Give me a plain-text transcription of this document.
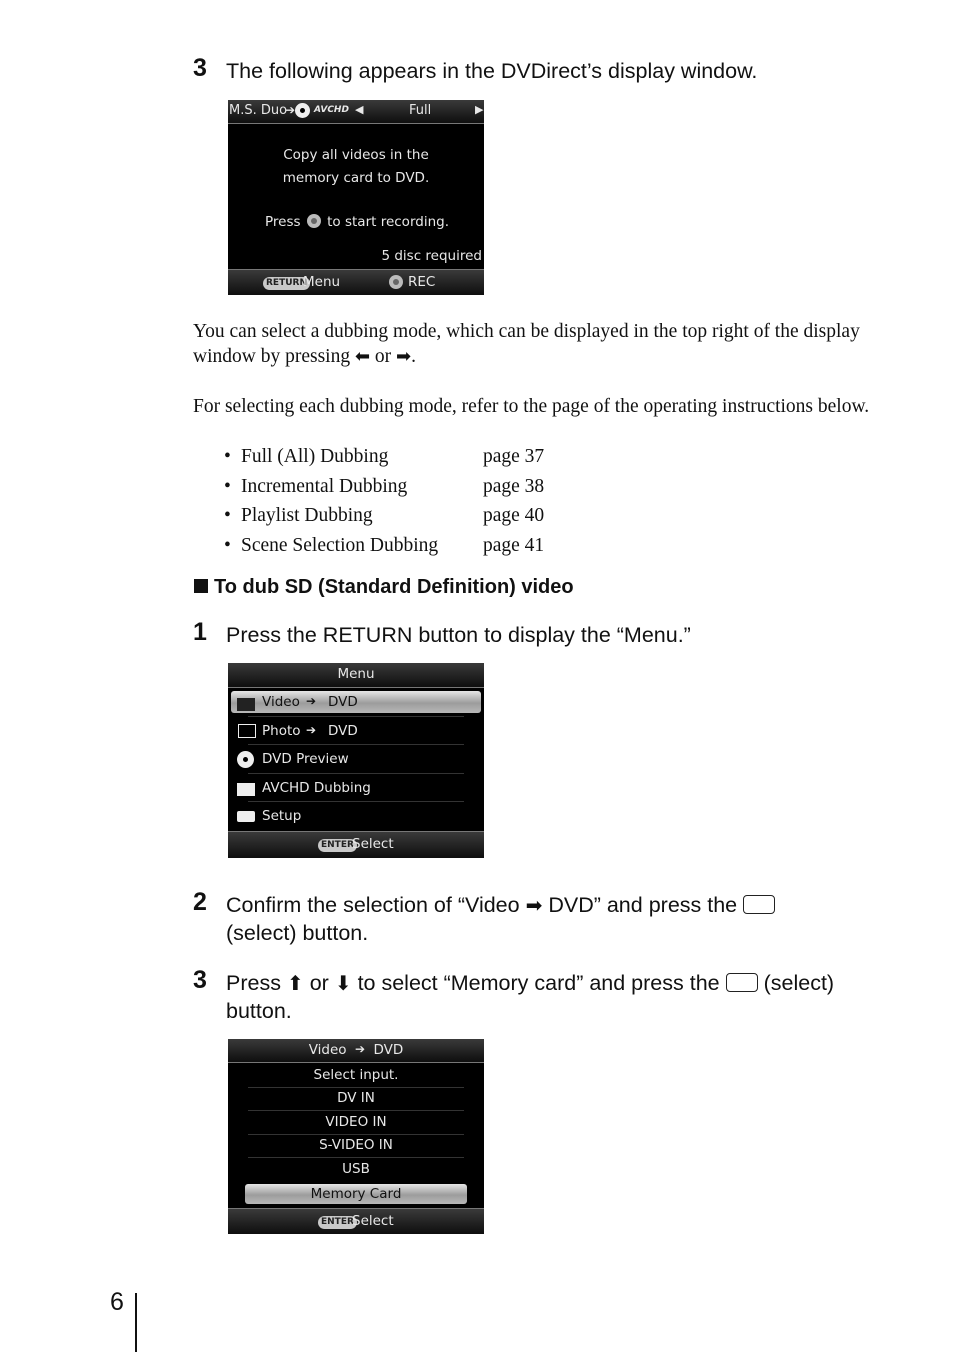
3 The following appears in the DVDirect’s display window.
M.S. Duo
➔ AVCHD ◀	Full	▶
Copy all videos in the
memory card to DVD.
Press to start recording.
5 disc required
RETURN
Menu	REC
You can select a dubbing mode, which can be displayed in the top right of the display window by pressing ⬅ or ➡.
For selecting each dubbing mode, refer to the page of the operating instructions below.
• Full (All) Dubbing	page 37
• Incremental Dubbing	page 38
• Playlist Dubbing	page 40
• Scene Selection Dubbing page 41
To dub SD (Standard Definition) video
1 Press the RETURN button to display the “Menu.”
Menu
Video ➔ DVD
Photo ➔ DVD
DVD Preview
AVCHD Dubbing
Setup
ENTER
Select
2 Confirm the selection of “Video ➡ DVD” and press the
(select) button.
3 Press ⬆ or ⬇ to select “Memory card” and press the (select)
button.
Video ➔ DVD
Select input.
DV IN
VIDEO IN
S-VIDEO IN
USB
Memory Card
ENTER
Select
6
